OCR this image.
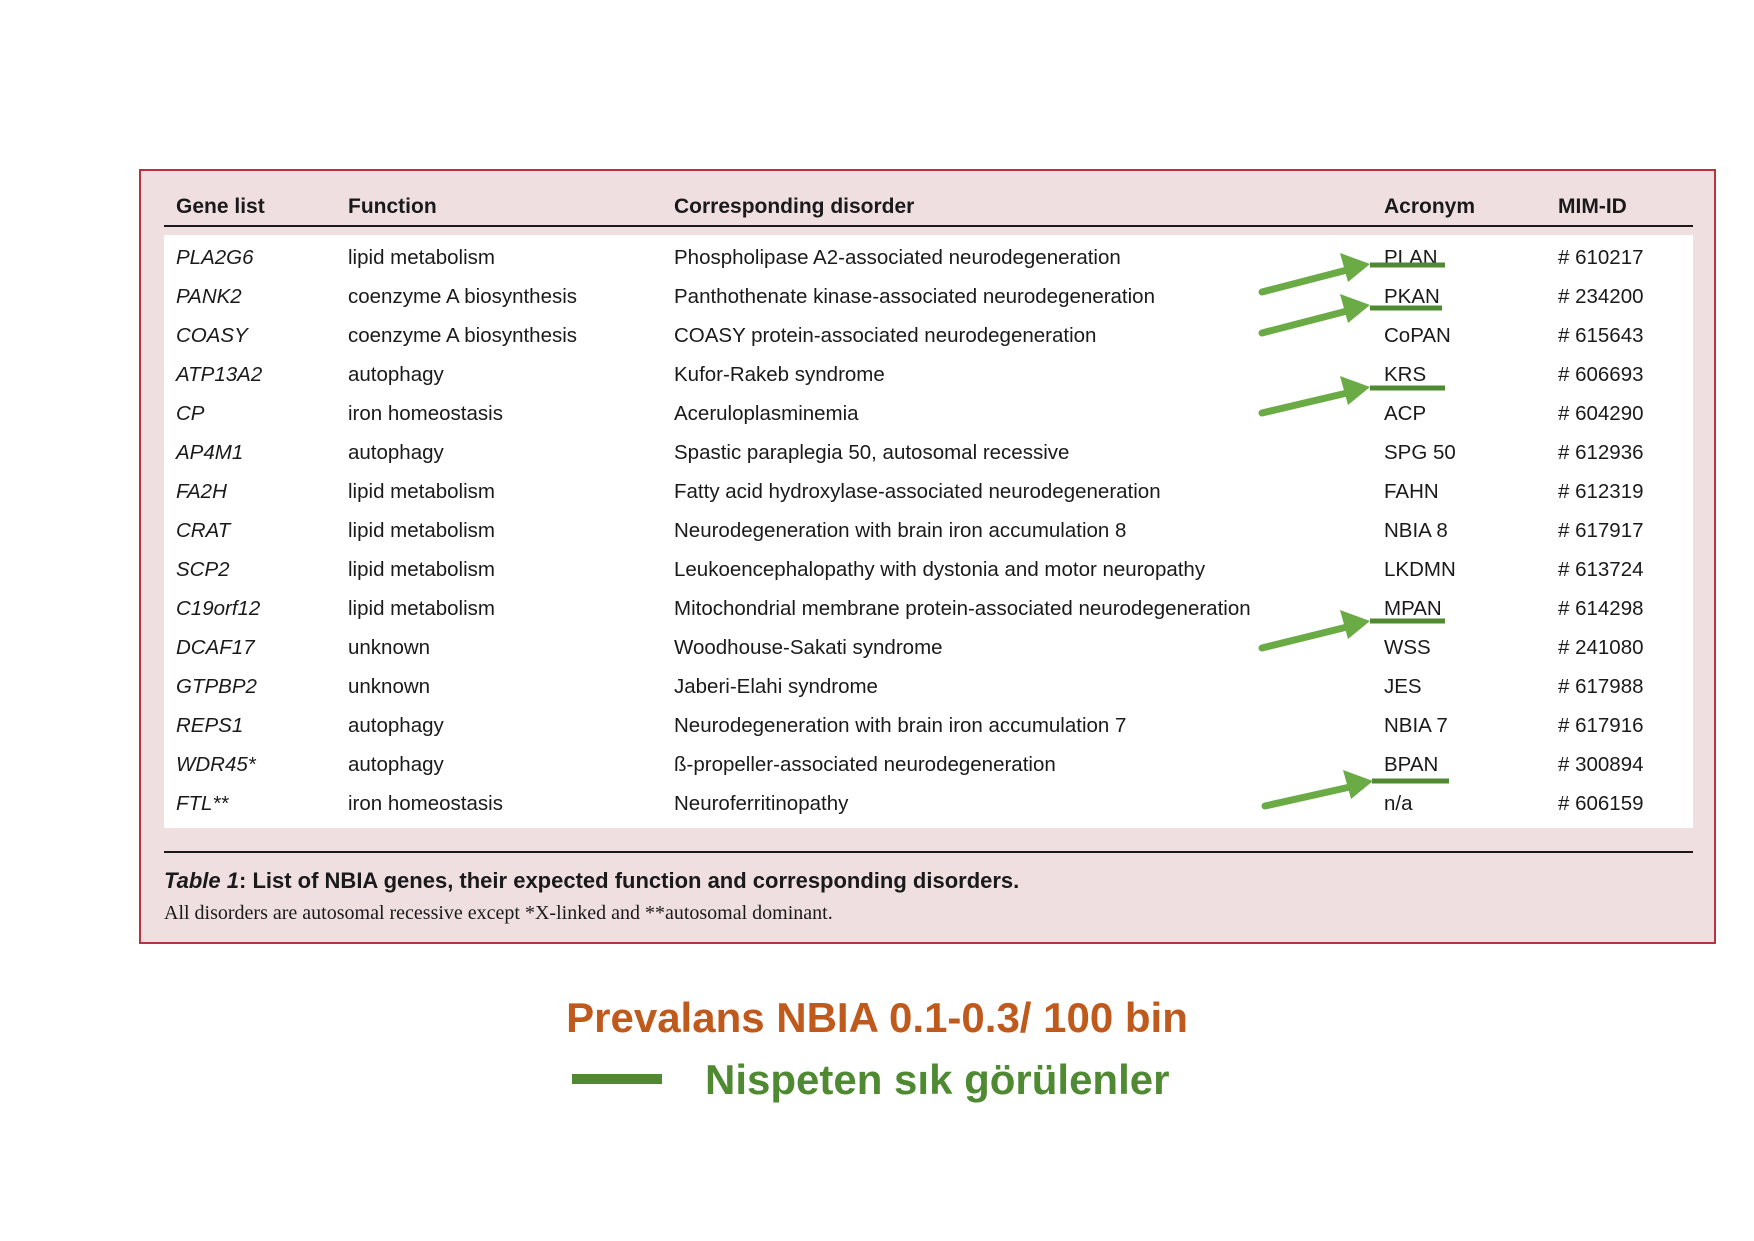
Gene list	Function	Corresponding disorder	Acronym	MIM-ID
PLA2G6	lipid metabolism	Phospholipase A2-associated neurodegeneration	PLAN	# 610217
PANK2	coenzyme A biosynthesis	Panthothenate kinase-associated neurodegeneration	PKAN	# 234200
COASY	coenzyme A biosynthesis	COASY protein-associated neurodegeneration	CoPAN	# 615643
ATP13A2	autophagy	Kufor-Rakeb syndrome	KRS	# 606693
CP	iron homeostasis	Aceruloplasminemia	ACP	# 604290
AP4M1	autophagy	Spastic paraplegia 50, autosomal recessive	SPG 50	# 612936
FA2H	lipid metabolism	Fatty acid hydroxylase-associated neurodegeneration	FAHN	# 612319
CRAT	lipid metabolism	Neurodegeneration with brain iron accumulation 8	NBIA 8	# 617917
SCP2	lipid metabolism	Leukoencephalopathy with dystonia and motor neuropathy	LKDMN	# 613724
C19orf12	lipid metabolism	Mitochondrial membrane protein-associated neurodegeneration	MPAN	# 614298
DCAF17	unknown	Woodhouse-Sakati syndrome	WSS	# 241080
GTPBP2	unknown	Jaberi-Elahi syndrome	JES	# 617988
REPS1	autophagy	Neurodegeneration with brain iron accumulation 7	NBIA 7	# 617916
WDR45*	autophagy	ß-propeller-associated neurodegeneration	BPAN	# 300894
FTL**	iron homeostasis	Neuroferritinopathy	n/a	# 606159
Table 1: List of NBIA genes, their expected function and corresponding disorders.
All disorders are autosomal recessive except *X-linked and **autosomal dominant.
Prevalans NBIA 0.1-0.3/ 100 bin
Nispeten sık görülenler
